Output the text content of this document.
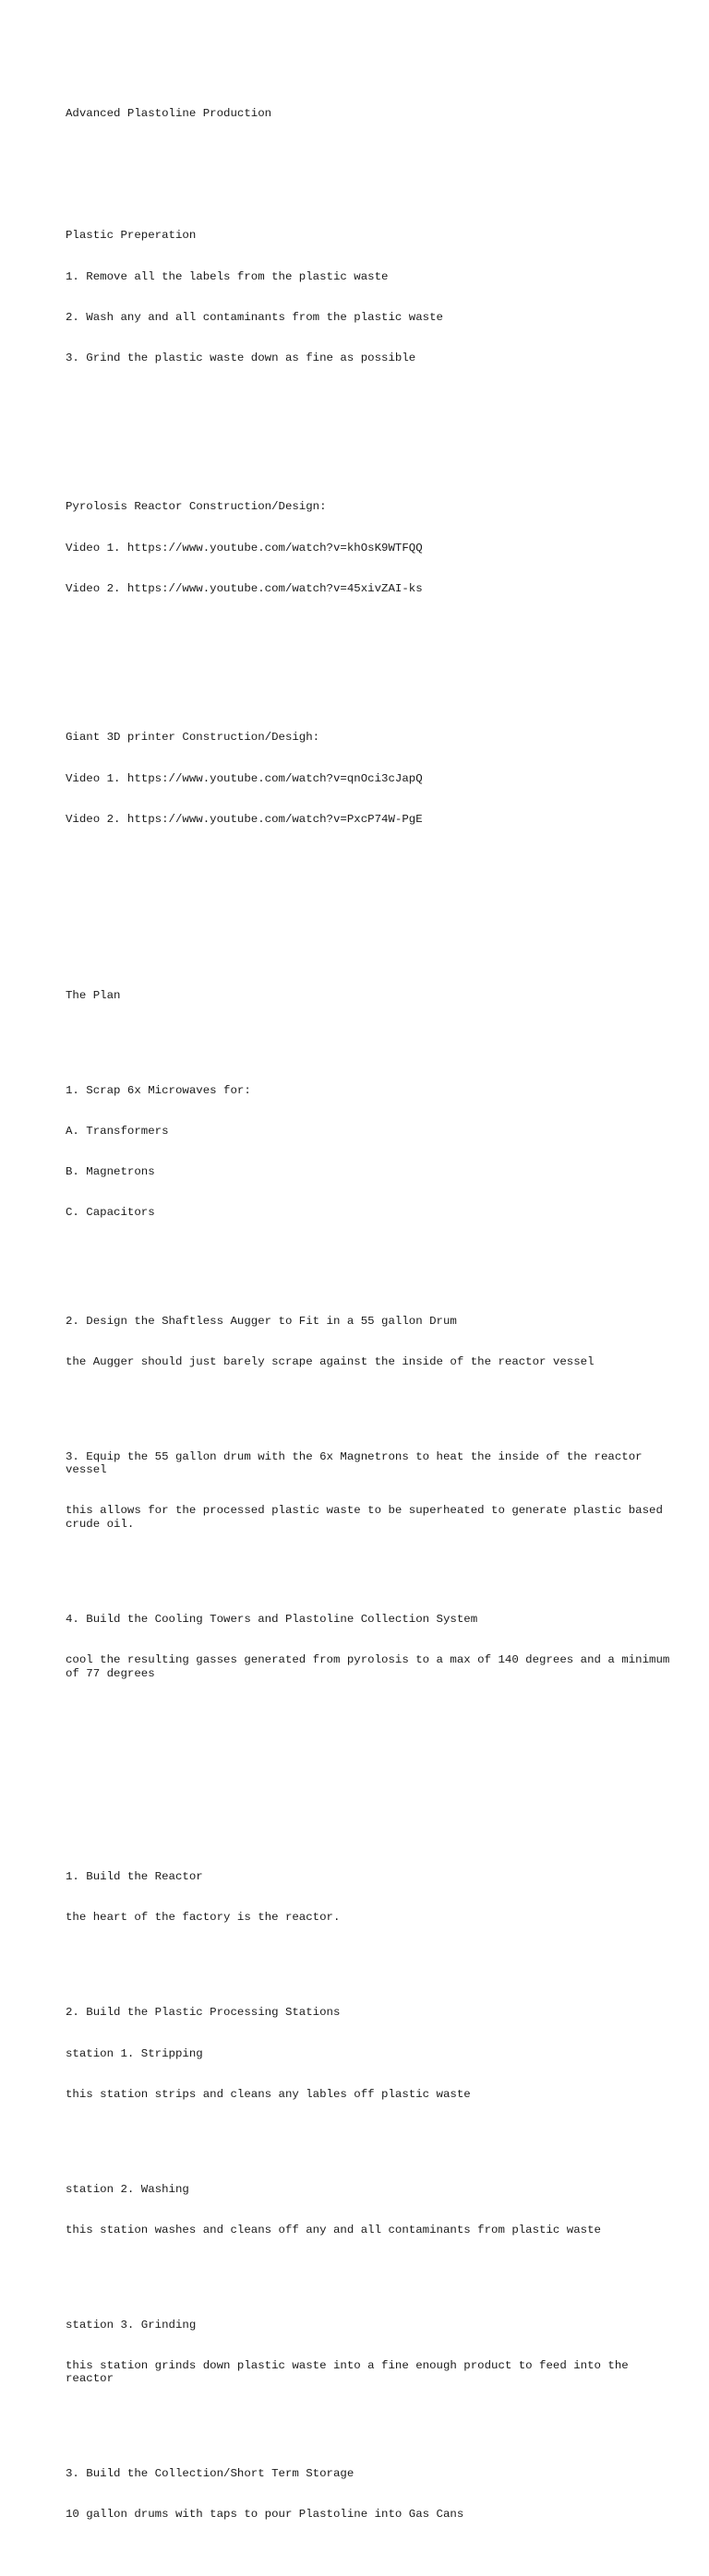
Advanced Plastoline Production

Plastic Preperation

1. Remove all the labels from the plastic waste

2. Wash any and all contaminants from the plastic waste

3. Grind the plastic waste down as fine as possible

Pyrolosis Reactor Construction/Design:

Video 1. https://www.youtube.com/watch?v=khOsK9WTFQQ

Video 2. https://www.youtube.com/watch?v=45xivZAI-ks

Giant 3D printer Construction/Desigh:

Video 1. https://www.youtube.com/watch?v=qnOci3cJapQ

Video 2. https://www.youtube.com/watch?v=PxcP74W-PgE

The Plan

1. Scrap 6x Microwaves for:

A. Transformers

B. Magnetrons

C. Capacitors

2. Design the Shaftless Augger to Fit in a 55 gallon Drum

the Augger should just barely scrape against the inside of the reactor vessel

3. Equip the 55 gallon drum with the 6x Magnetrons to heat the inside of the reactor vessel

this allows for the processed plastic waste to be superheated to generate plastic based crude oil.

4. Build the Cooling Towers and Plastoline Collection System

cool the resulting gasses generated from pyrolosis to a max of 140 degrees and a minimum of 77 degrees

1. Build the Reactor

the heart of the factory is the reactor.

2. Build the Plastic Processing Stations

station 1. Stripping

this station strips and cleans any lables off plastic waste

station 2. Washing

this station washes and cleans off any and all contaminants from plastic waste

station 3. Grinding

this station grinds down plastic waste into a fine enough product to feed into the reactor

3. Build the Collection/Short Term Storage

10 gallon drums with taps to pour Plastoline into Gas Cans
